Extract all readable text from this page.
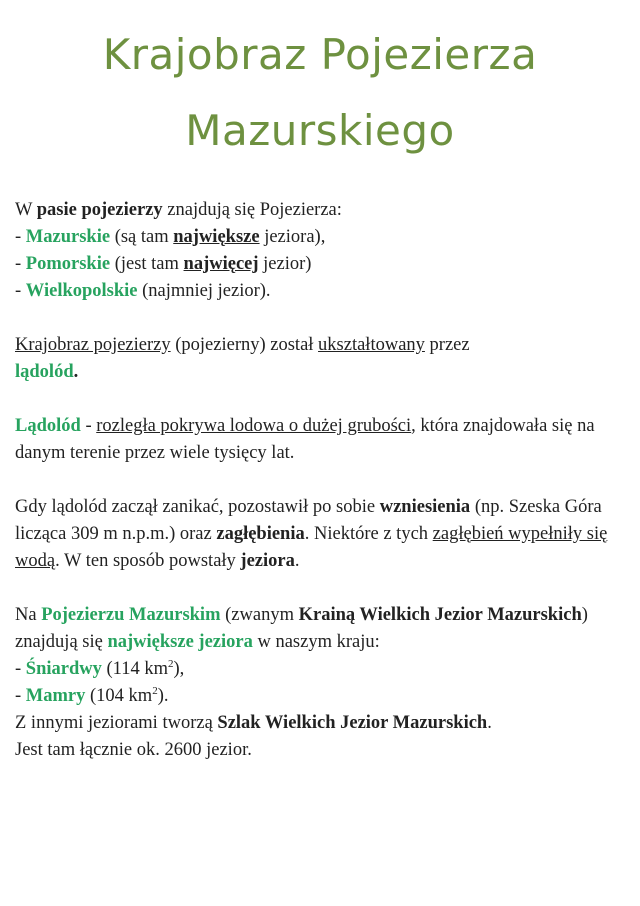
Krajobraz Pojezierza
Mazurskiego

W pasie pojezierzy znajdują się Pojezierza:
- Mazurskie (są tam największe jeziora),
- Pomorskie (jest tam najwięcej jezior)
- Wielkopolskie (najmniej jezior).

Krajobraz pojezierzy (pojezierny) został ukształtowany przez
lądolód.

Lądolód - rozległa pokrywa lodowa o dużej grubości, która znajdowała się na danym terenie przez wiele tysięcy lat.

Gdy lądolód zaczął zanikać, pozostawił po sobie wzniesienia (np. Szeska Góra licząca 309 m n.p.m.) oraz zagłębienia. Niektóre z tych zagłębień wypełniły się wodą. W ten sposób powstały jeziora.

Na Pojezierzu Mazurskim (zwanym Krainą Wielkich Jezior Mazurskich) znajdują się największe jeziora w naszym kraju:
- Śniardwy (114 $km^2$),
- Mamry (104 $km^2$).
Z innymi jeziorami tworzą Szlak Wielkich Jezior Mazurskich.
Jest tam łącznie ok. 2600 jezior.
